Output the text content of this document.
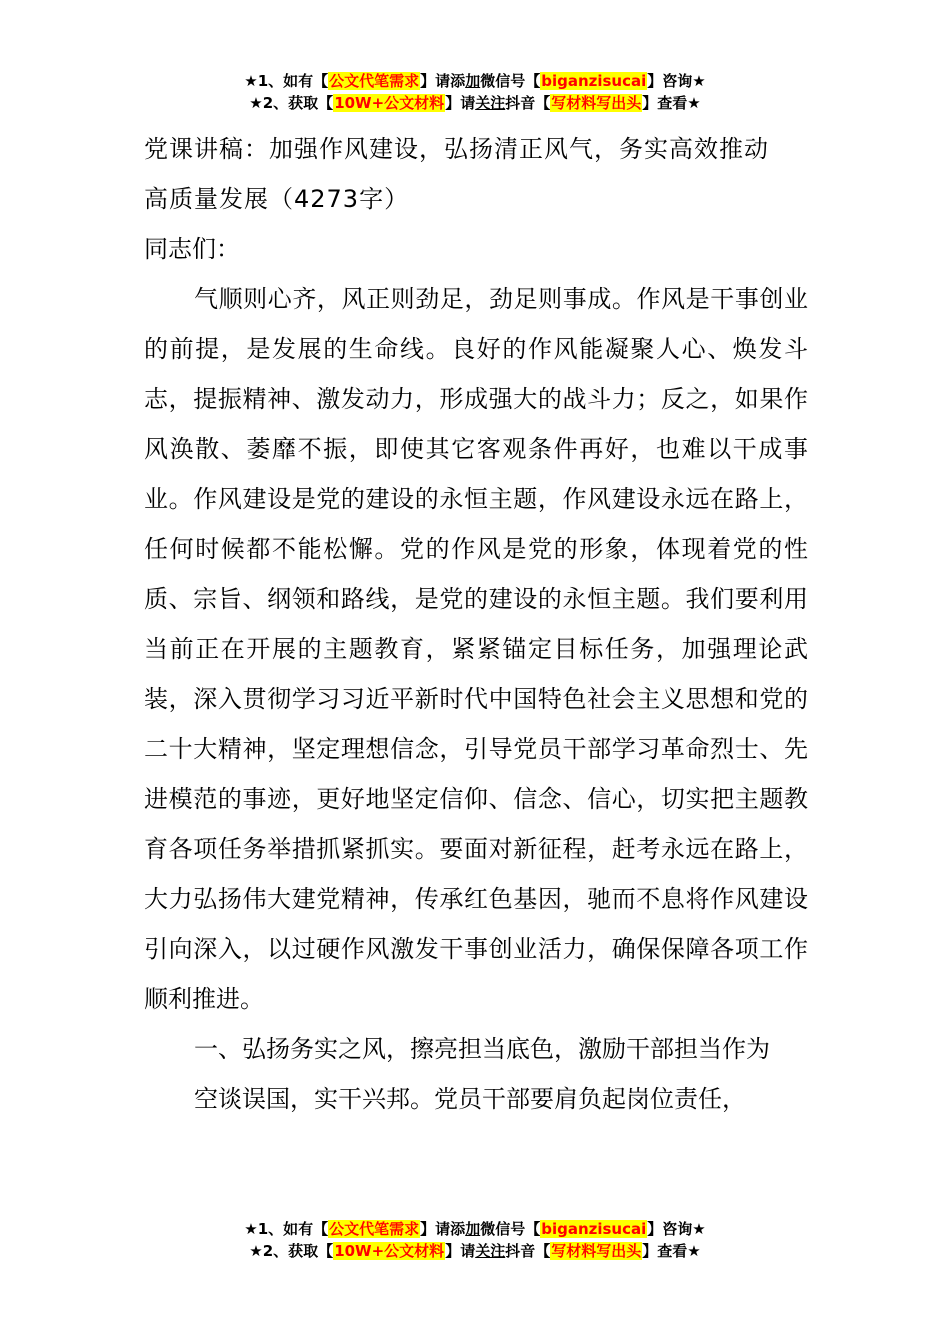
★1、如有【公文代笔需求】请添加微信号【biganzisucai】咨询★
★2、获取【10W+公文材料】请关注抖音【写材料写出头】查看★

党课讲稿：加强作风建设，弘扬清正风气，务实高效推动
高质量发展（4273字）

同志们：

气顺则心齐，风正则劲足，劲足则事成。作风是干事创业的前提，是发展的生命线。良好的作风能凝聚人心、焕发斗志，提振精神、激发动力，形成强大的战斗力；反之，如果作风涣散、萎靡不振，即使其它客观条件再好，也难以干成事业。作风建设是党的建设的永恒主题，作风建设永远在路上，任何时候都不能松懈。党的作风是党的形象，体现着党的性质、宗旨、纲领和路线，是党的建设的永恒主题。我们要利用当前正在开展的主题教育，紧紧锚定目标任务，加强理论武装，深入贯彻学习习近平新时代中国特色社会主义思想和党的二十大精神，坚定理想信念，引导党员干部学习革命烈士、先进模范的事迹，更好地坚定信仰、信念、信心，切实把主题教育各项任务举措抓紧抓实。要面对新征程，赶考永远在路上，大力弘扬伟大建党精神，传承红色基因，驰而不息将作风建设引向深入，以过硬作风激发干事创业活力，确保保障各项工作顺利推进。

一、弘扬务实之风，擦亮担当底色，激励干部担当作为

空谈误国，实干兴邦。党员干部要肩负起岗位责任，

★1、如有【公文代笔需求】请添加微信号【biganzisucai】咨询★
★2、获取【10W+公文材料】请关注抖音【写材料写出头】查看★
